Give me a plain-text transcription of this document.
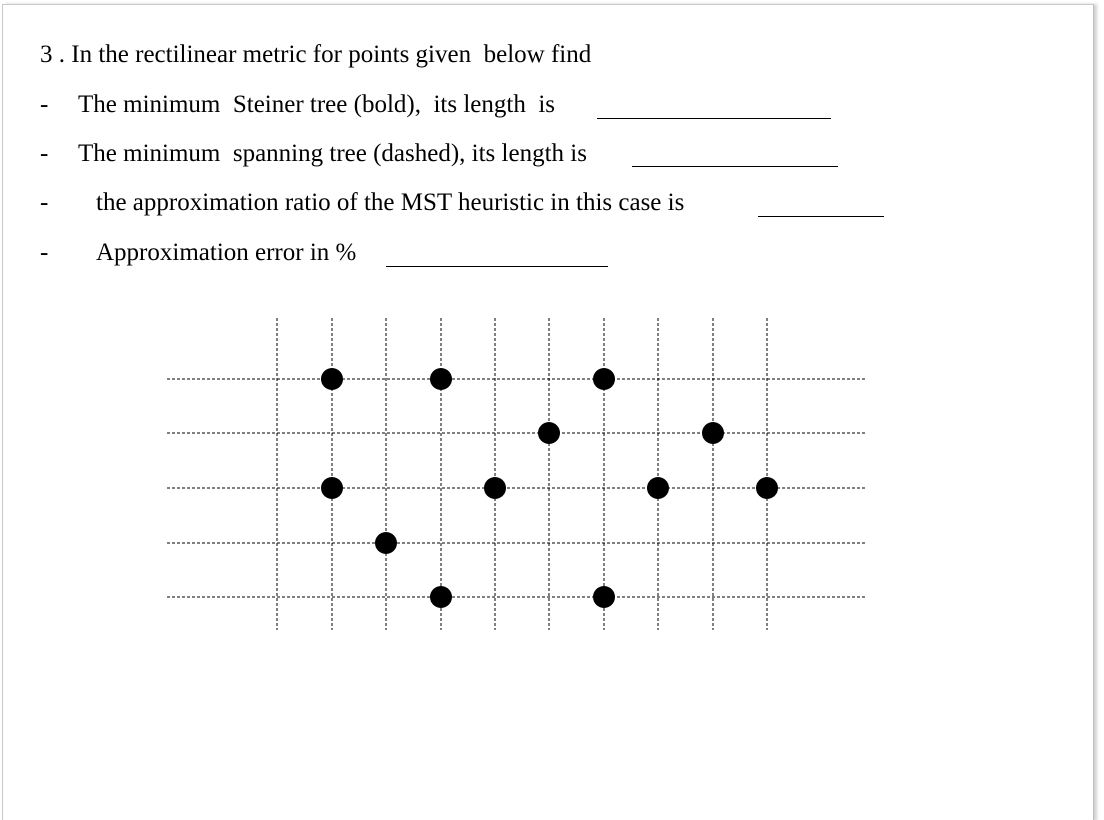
3 . In the rectilinear metric for points given  below find
- The minimum  Steiner tree (bold),  its length  is
- The minimum  spanning tree (dashed), its length is
- the approximation ratio of the MST heuristic in this case is
- Approximation error in %
